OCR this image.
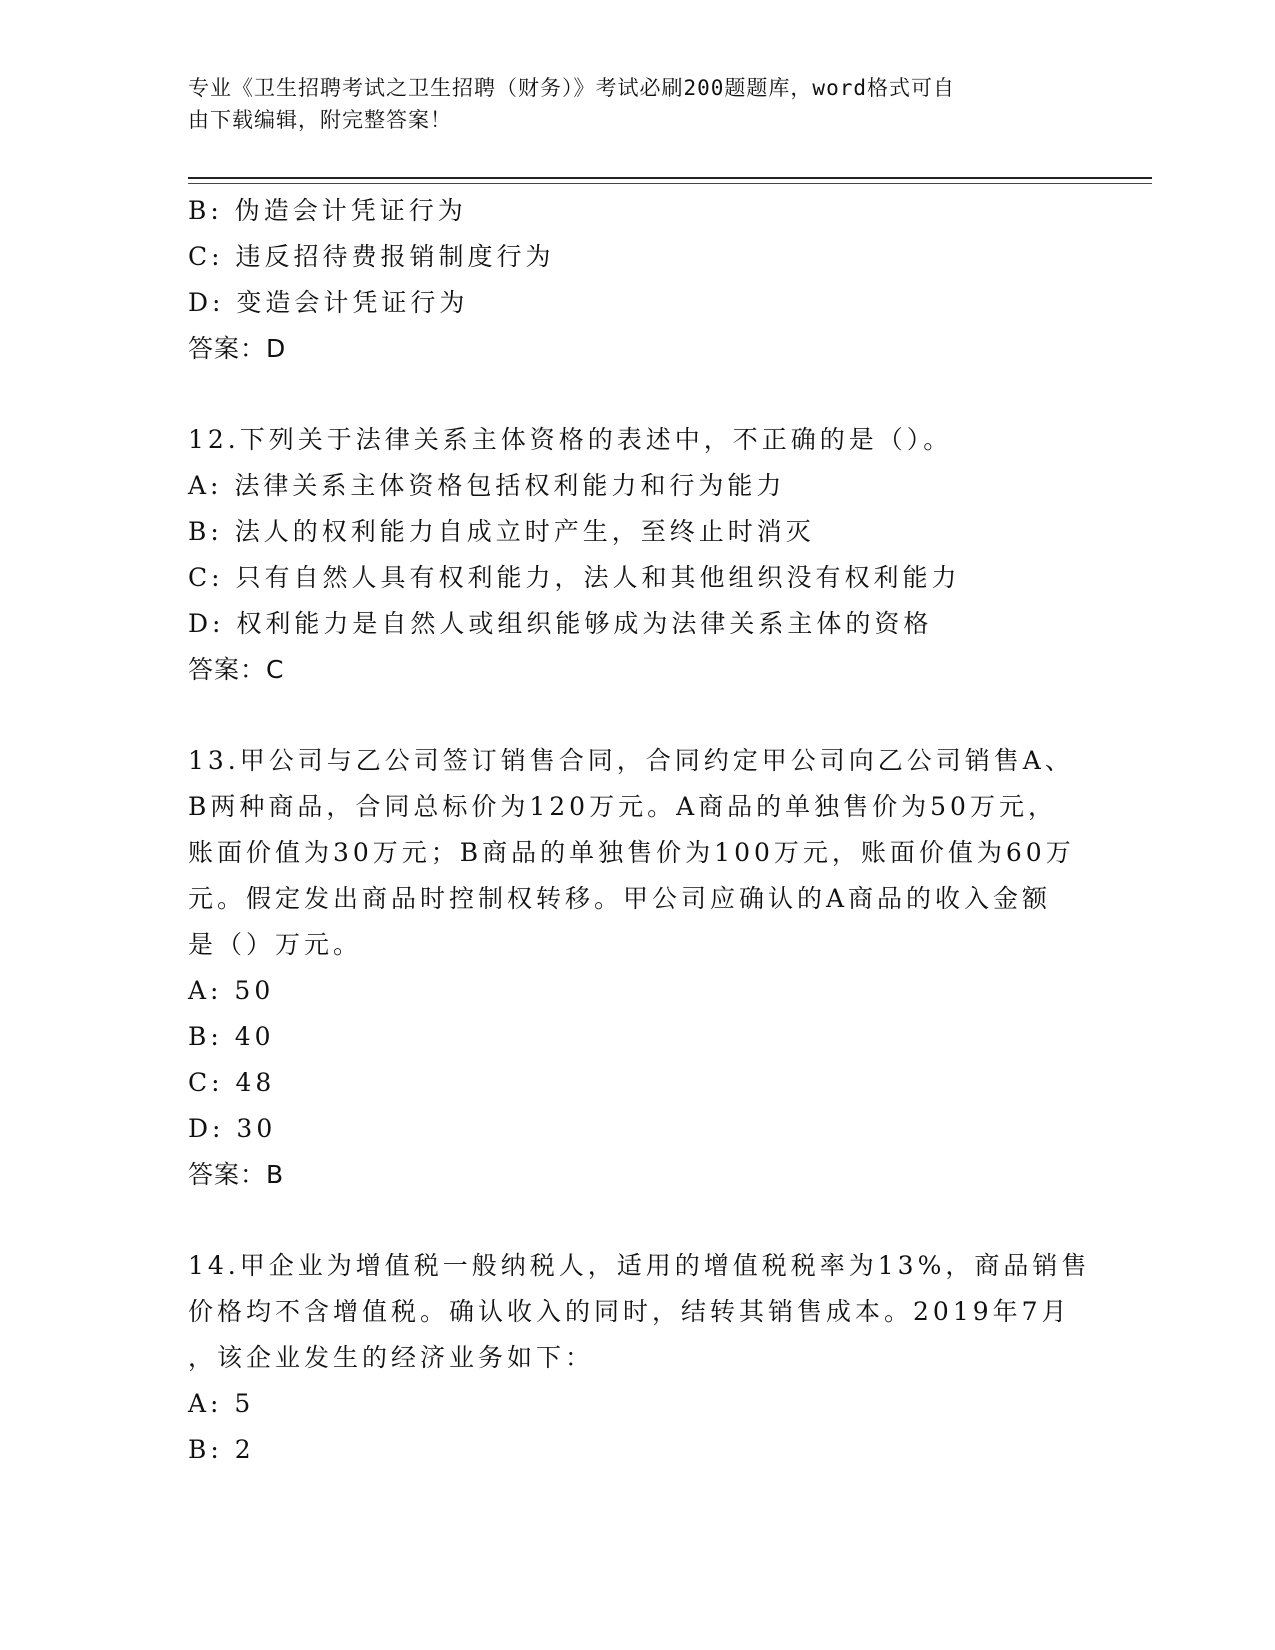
专业《卫生招聘考试之卫生招聘（财务）》考试必刷200题题库，word格式可自
由下载编辑，附完整答案！
B: 伪造会计凭证行为
C: 违反招待费报销制度行为
D: 变造会计凭证行为
答案：D
12.下列关于法律关系主体资格的表述中，不正确的是（）。
A: 法律关系主体资格包括权利能力和行为能力
B: 法人的权利能力自成立时产生，至终止时消灭
C: 只有自然人具有权利能力，法人和其他组织没有权利能力
D: 权利能力是自然人或组织能够成为法律关系主体的资格
答案：C
13.甲公司与乙公司签订销售合同，合同约定甲公司向乙公司销售A、
B两种商品，合同总标价为120万元。A商品的单独售价为50万元，
账面价值为30万元；B商品的单独售价为100万元，账面价值为60万
元。假定发出商品时控制权转移。甲公司应确认的A商品的收入金额
是（）万元。
A: 50
B: 40
C: 48
D: 30
答案：B
14.甲企业为增值税一般纳税人，适用的增值税税率为13%，商品销售
价格均不含增值税。确认收入的同时，结转其销售成本。2019年7月
，该企业发生的经济业务如下：
A: 5
B: 2
